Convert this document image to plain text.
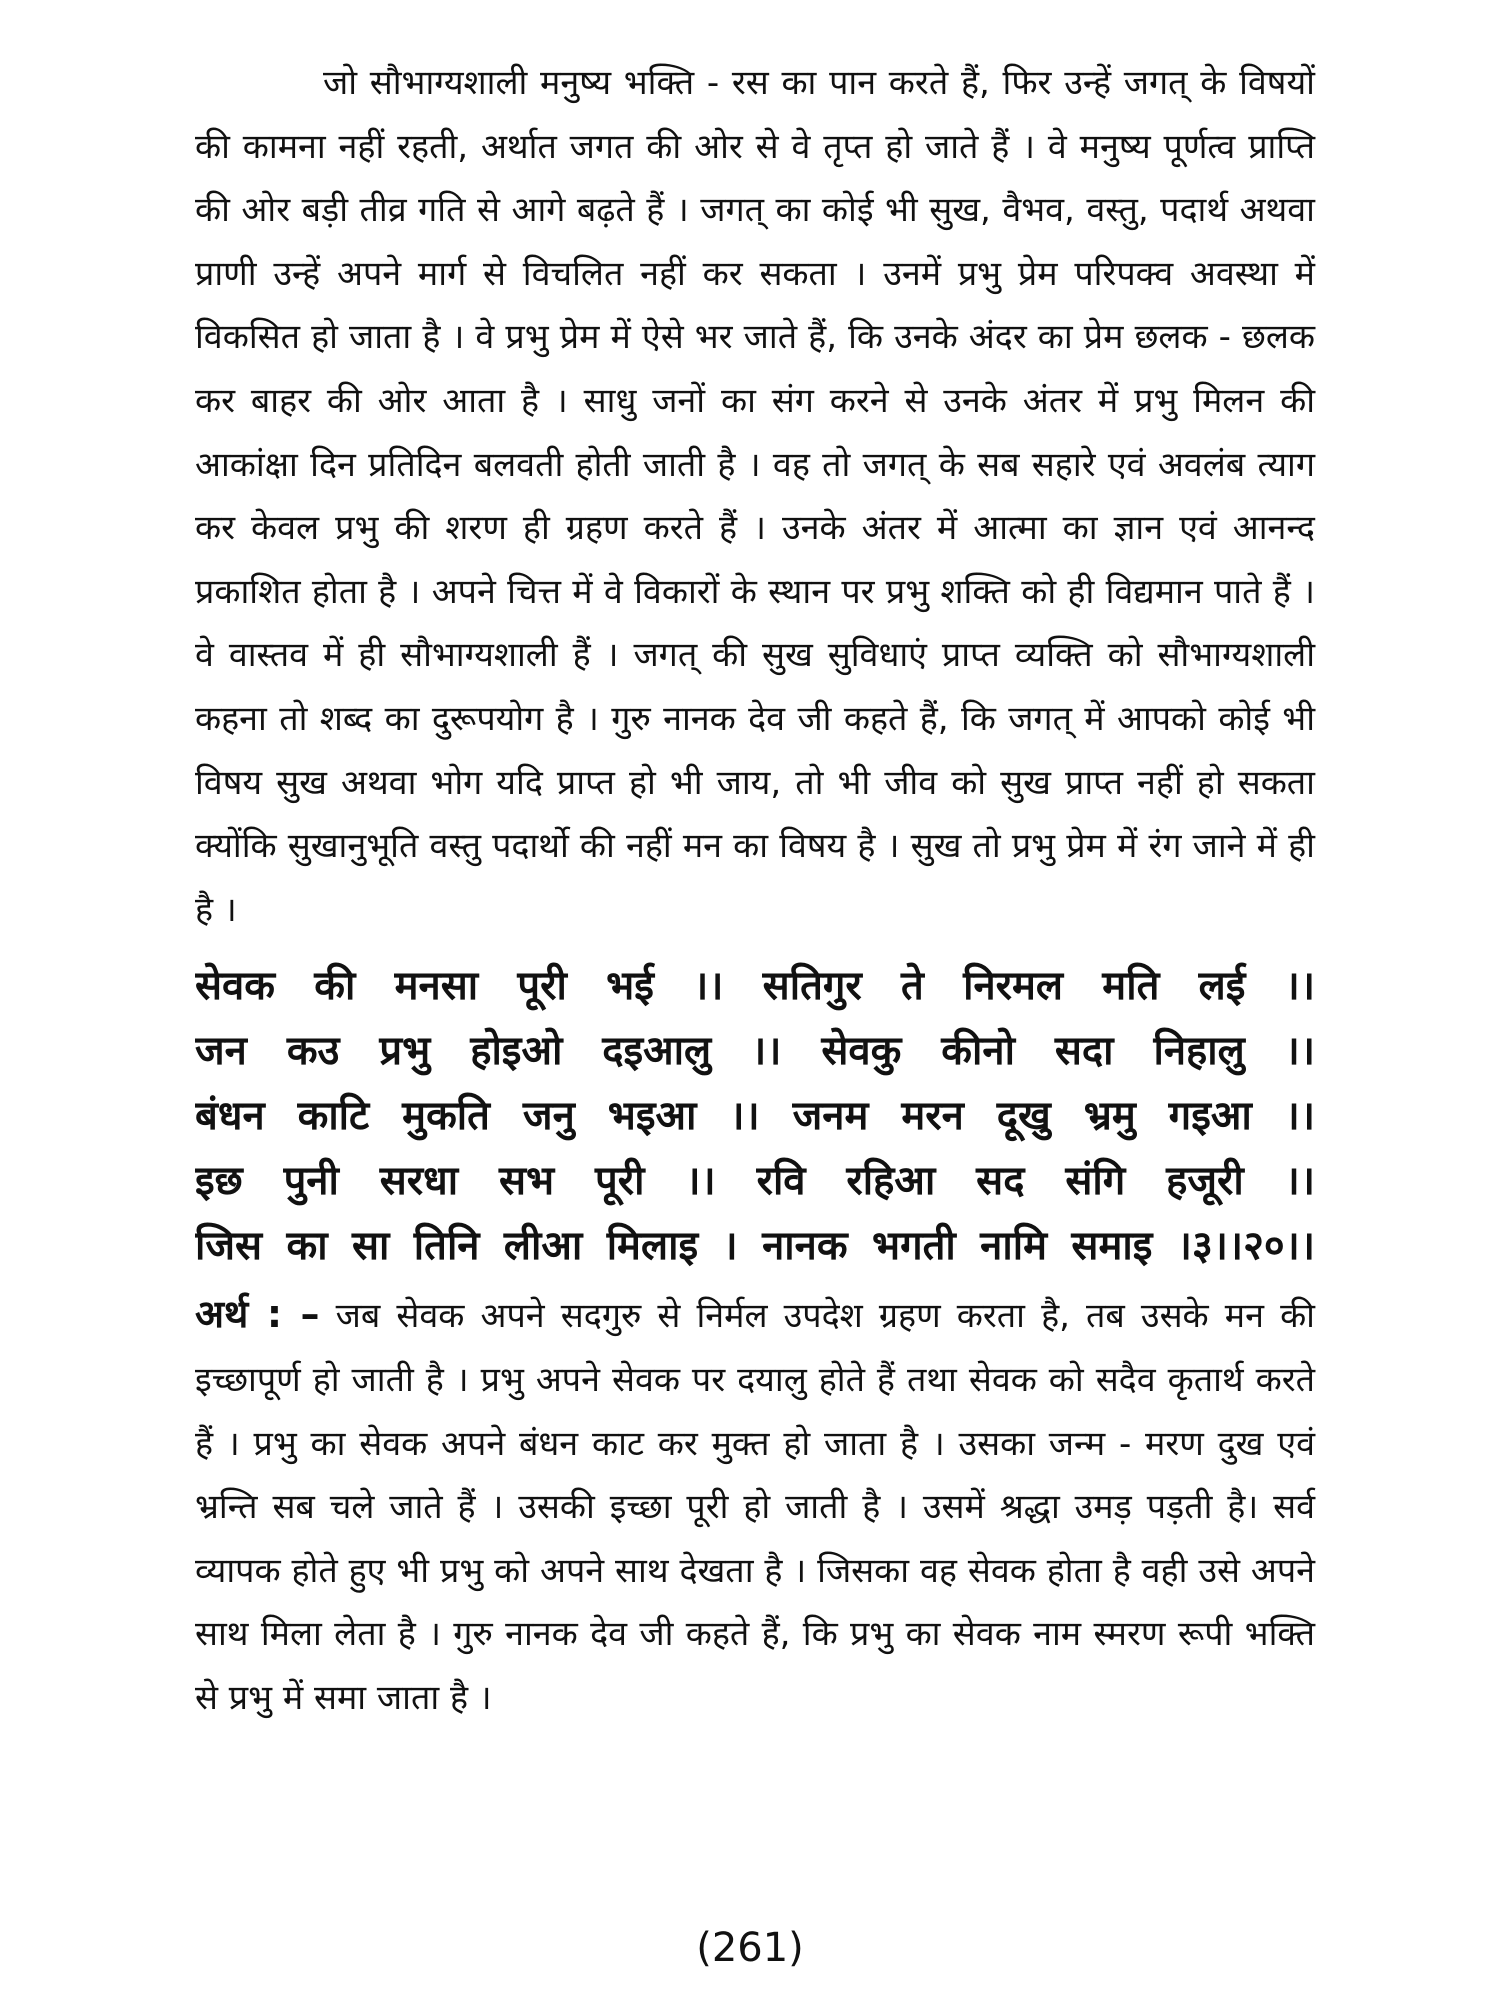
जो सौभाग्यशाली मनुष्य भक्ति - रस का पान करते हैं, फिर उन्हें जगत् के विषयों की कामना नहीं रहती, अर्थात जगत की ओर से वे तृप्त हो जाते हैं । वे मनुष्य पूर्णत्व प्राप्ति की ओर बड़ी तीव्र गति से आगे बढ़ते हैं । जगत् का कोई भी सुख, वैभव, वस्तु, पदार्थ अथवा प्राणी उन्हें अपने मार्ग से विचलित नहीं कर सकता । उनमें प्रभु प्रेम परिपक्व अवस्था में विकसित हो जाता है । वे प्रभु प्रेम में ऐसे भर जाते हैं, कि उनके अंदर का प्रेम छलक - छलक कर बाहर की ओर आता है । साधु जनों का संग करने से उनके अंतर में प्रभु मिलन की आकांक्षा दिन प्रतिदिन बलवती होती जाती है । वह तो जगत् के सब सहारे एवं अवलंब त्याग कर केवल प्रभु की शरण ही ग्रहण करते हैं । उनके अंतर में आत्मा का ज्ञान एवं आनन्द प्रकाशित होता है । अपने चित्त में वे विकारों के स्थान पर प्रभु शक्ति को ही विद्यमान पाते हैं । वे वास्तव में ही सौभाग्यशाली हैं । जगत् की सुख सुविधाएं प्राप्त व्यक्ति को सौभाग्यशाली कहना तो शब्द का दुरूपयोग है । गुरु नानक देव जी कहते हैं, कि जगत् में आपको कोई भी विषय सुख अथवा भोग यदि प्राप्त हो भी जाय, तो भी जीव को सुख प्राप्त नहीं हो सकता क्योंकि सुखानुभूति वस्तु पदार्थो की नहीं मन का विषय है । सुख तो प्रभु प्रेम में रंग जाने में ही है ।

सेवक की मनसा पूरी भई ।। सतिगुर ते निरमल मति लई ।।
जन कउ प्रभु होइओ दइआलु ।। सेवकु कीनो सदा निहालु ।।
बंधन काटि मुकति जनु भइआ ।। जनम मरन दूखु भ्रमु गइआ ।।
इछ पुनी सरधा सभ पूरी ।। रवि रहिआ सद संगि हजूरी ।।
जिस का सा तिनि लीआ मिलाइ । नानक भगती नामि समाइ ।३।।२०।।

अर्थ : – जब सेवक अपने सदगुरु से निर्मल उपदेश ग्रहण करता है, तब उसके मन की इच्छापूर्ण हो जाती है । प्रभु अपने सेवक पर दयालु होते हैं तथा सेवक को सदैव कृतार्थ करते हैं । प्रभु का सेवक अपने बंधन काट कर मुक्त हो जाता है । उसका जन्म - मरण दुख एवं भ्रन्ति सब चले जाते हैं । उसकी इच्छा पूरी हो जाती है । उसमें श्रद्धा उमड़ पड़ती है। सर्व व्यापक होते हुए भी प्रभु को अपने साथ देखता है । जिसका वह सेवक होता है वही उसे अपने साथ मिला लेता है । गुरु नानक देव जी कहते हैं, कि प्रभु का सेवक नाम स्मरण रूपी भक्ति से प्रभु में समा जाता है ।

(261)
